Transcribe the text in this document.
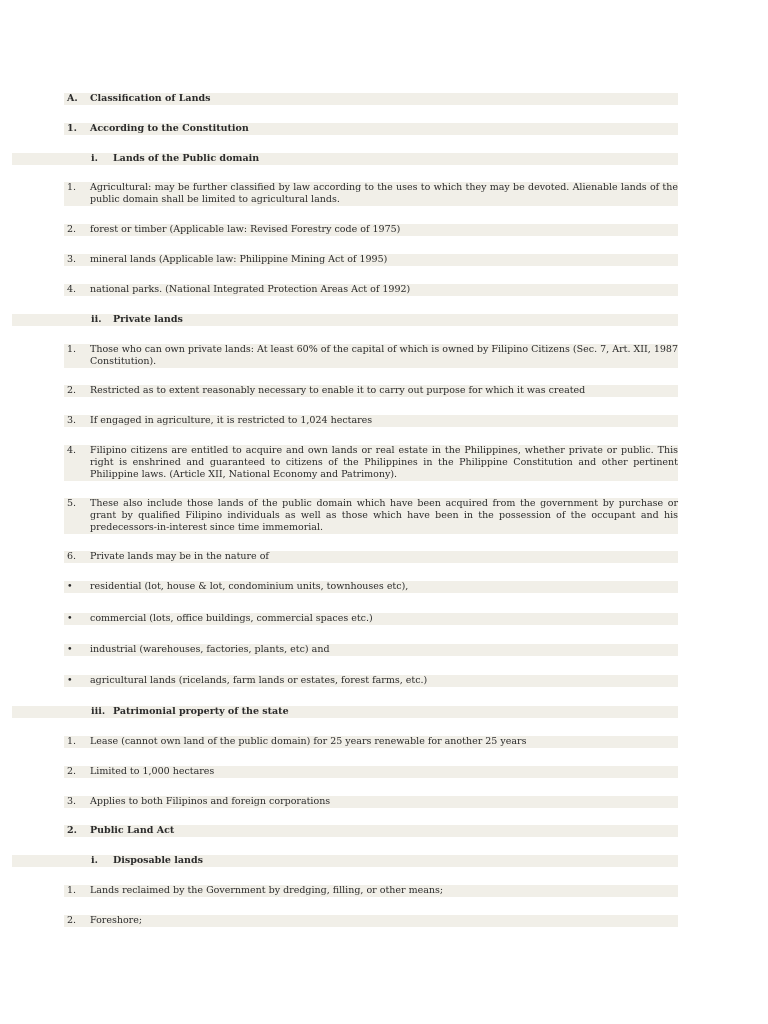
A.	Classification of Lands
1.	According to the Constitution
i.	Lands of the Public domain
1.	Agricultural: may be further classified by law according to the uses to which they may be devoted. Alienable lands of the public domain shall be limited to agricultural lands.
2.	forest or timber (Applicable law: Revised Forestry code of 1975)
3.	mineral lands (Applicable law: Philippine Mining Act of 1995)
4.	national parks. (National Integrated Protection Areas Act of 1992)
ii.	Private lands
1.	Those who can own private lands: At least 60% of the capital of which is owned by Filipino Citizens (Sec. 7, Art. XII, 1987 Constitution).
2.	Restricted as to extent reasonably necessary to enable it to carry out purpose for which it was created
3.	If engaged in agriculture, it is restricted to 1,024 hectares
4.	Filipino citizens are entitled to acquire and own lands or real estate in the Philippines, whether private or public. This right is enshrined and guaranteed to citizens of the Philippines in the Philippine Constitution and other pertinent Philippine laws. (Article XII, National Economy and Patrimony).
5.	These also include those lands of the public domain which have been acquired from the government by purchase or grant by qualified Filipino individuals as well as those which have been in the possession of the occupant and his predecessors-in-interest since time immemorial.
6.	Private lands may be in the nature of
•	residential (lot, house & lot, condominium units, townhouses etc),
•	commercial (lots, office buildings, commercial spaces etc.)
•	industrial (warehouses, factories, plants, etc) and
•	agricultural lands (ricelands, farm lands or estates, forest farms, etc.)
iii. Patrimonial property of the state
1.	Lease (cannot own land of the public domain) for 25 years renewable for another 25 years
2.	Limited to 1,000 hectares
3.	Applies to both Filipinos and foreign corporations
2.	Public Land Act
i.	Disposable lands
1.	Lands reclaimed by the Government by dredging, filling, or other means;
2.	Foreshore;
